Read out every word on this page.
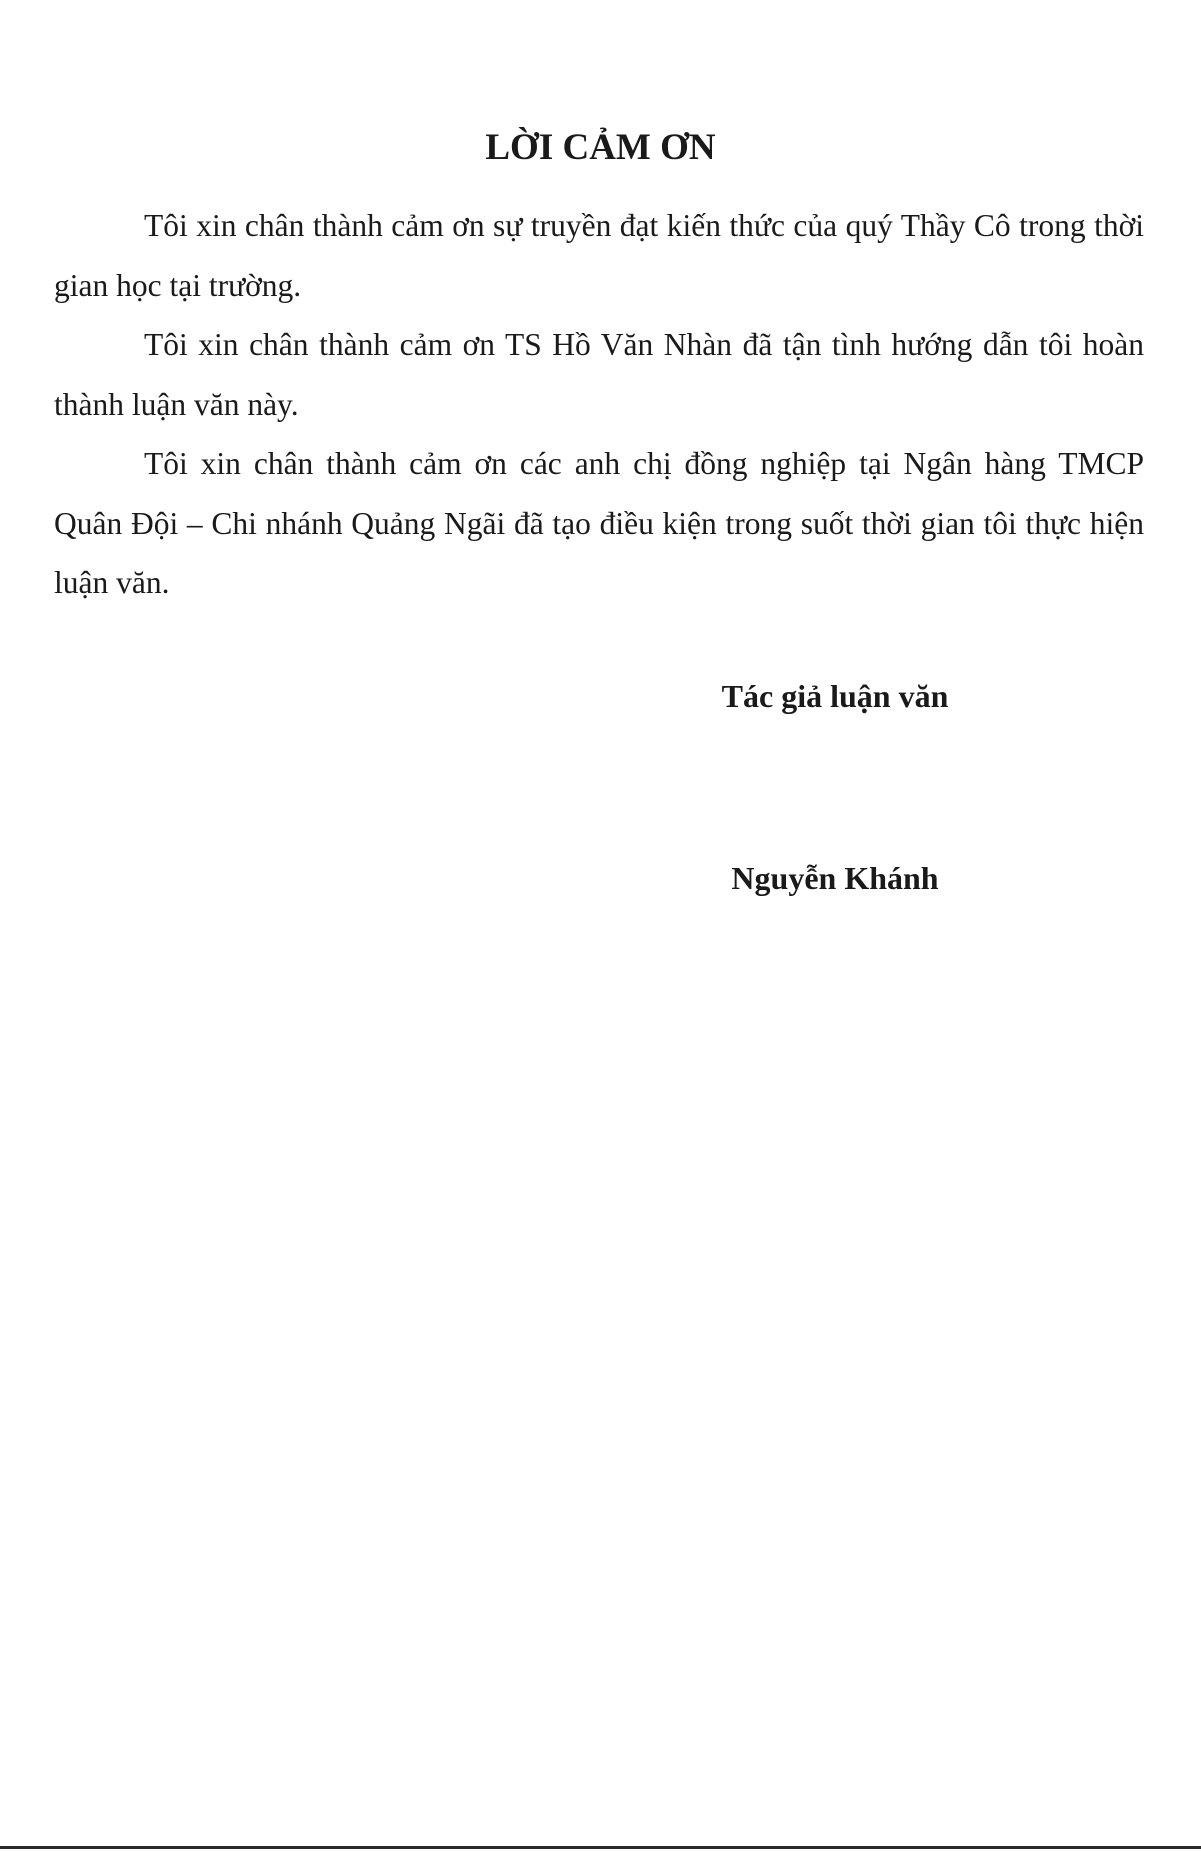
LỜI CẢM ƠN

Tôi xin chân thành cảm ơn sự truyền đạt kiến thức của quý Thầy Cô trong thời gian học tại trường.

Tôi xin chân thành cảm ơn TS Hồ Văn Nhàn đã tận tình hướng dẫn tôi hoàn thành luận văn này.

Tôi xin chân thành cảm ơn các anh chị đồng nghiệp tại Ngân hàng TMCP Quân Đội – Chi nhánh Quảng Ngãi đã tạo điều kiện trong suốt thời gian tôi thực hiện luận văn.

Tác giả luận văn

Nguyễn Khánh
